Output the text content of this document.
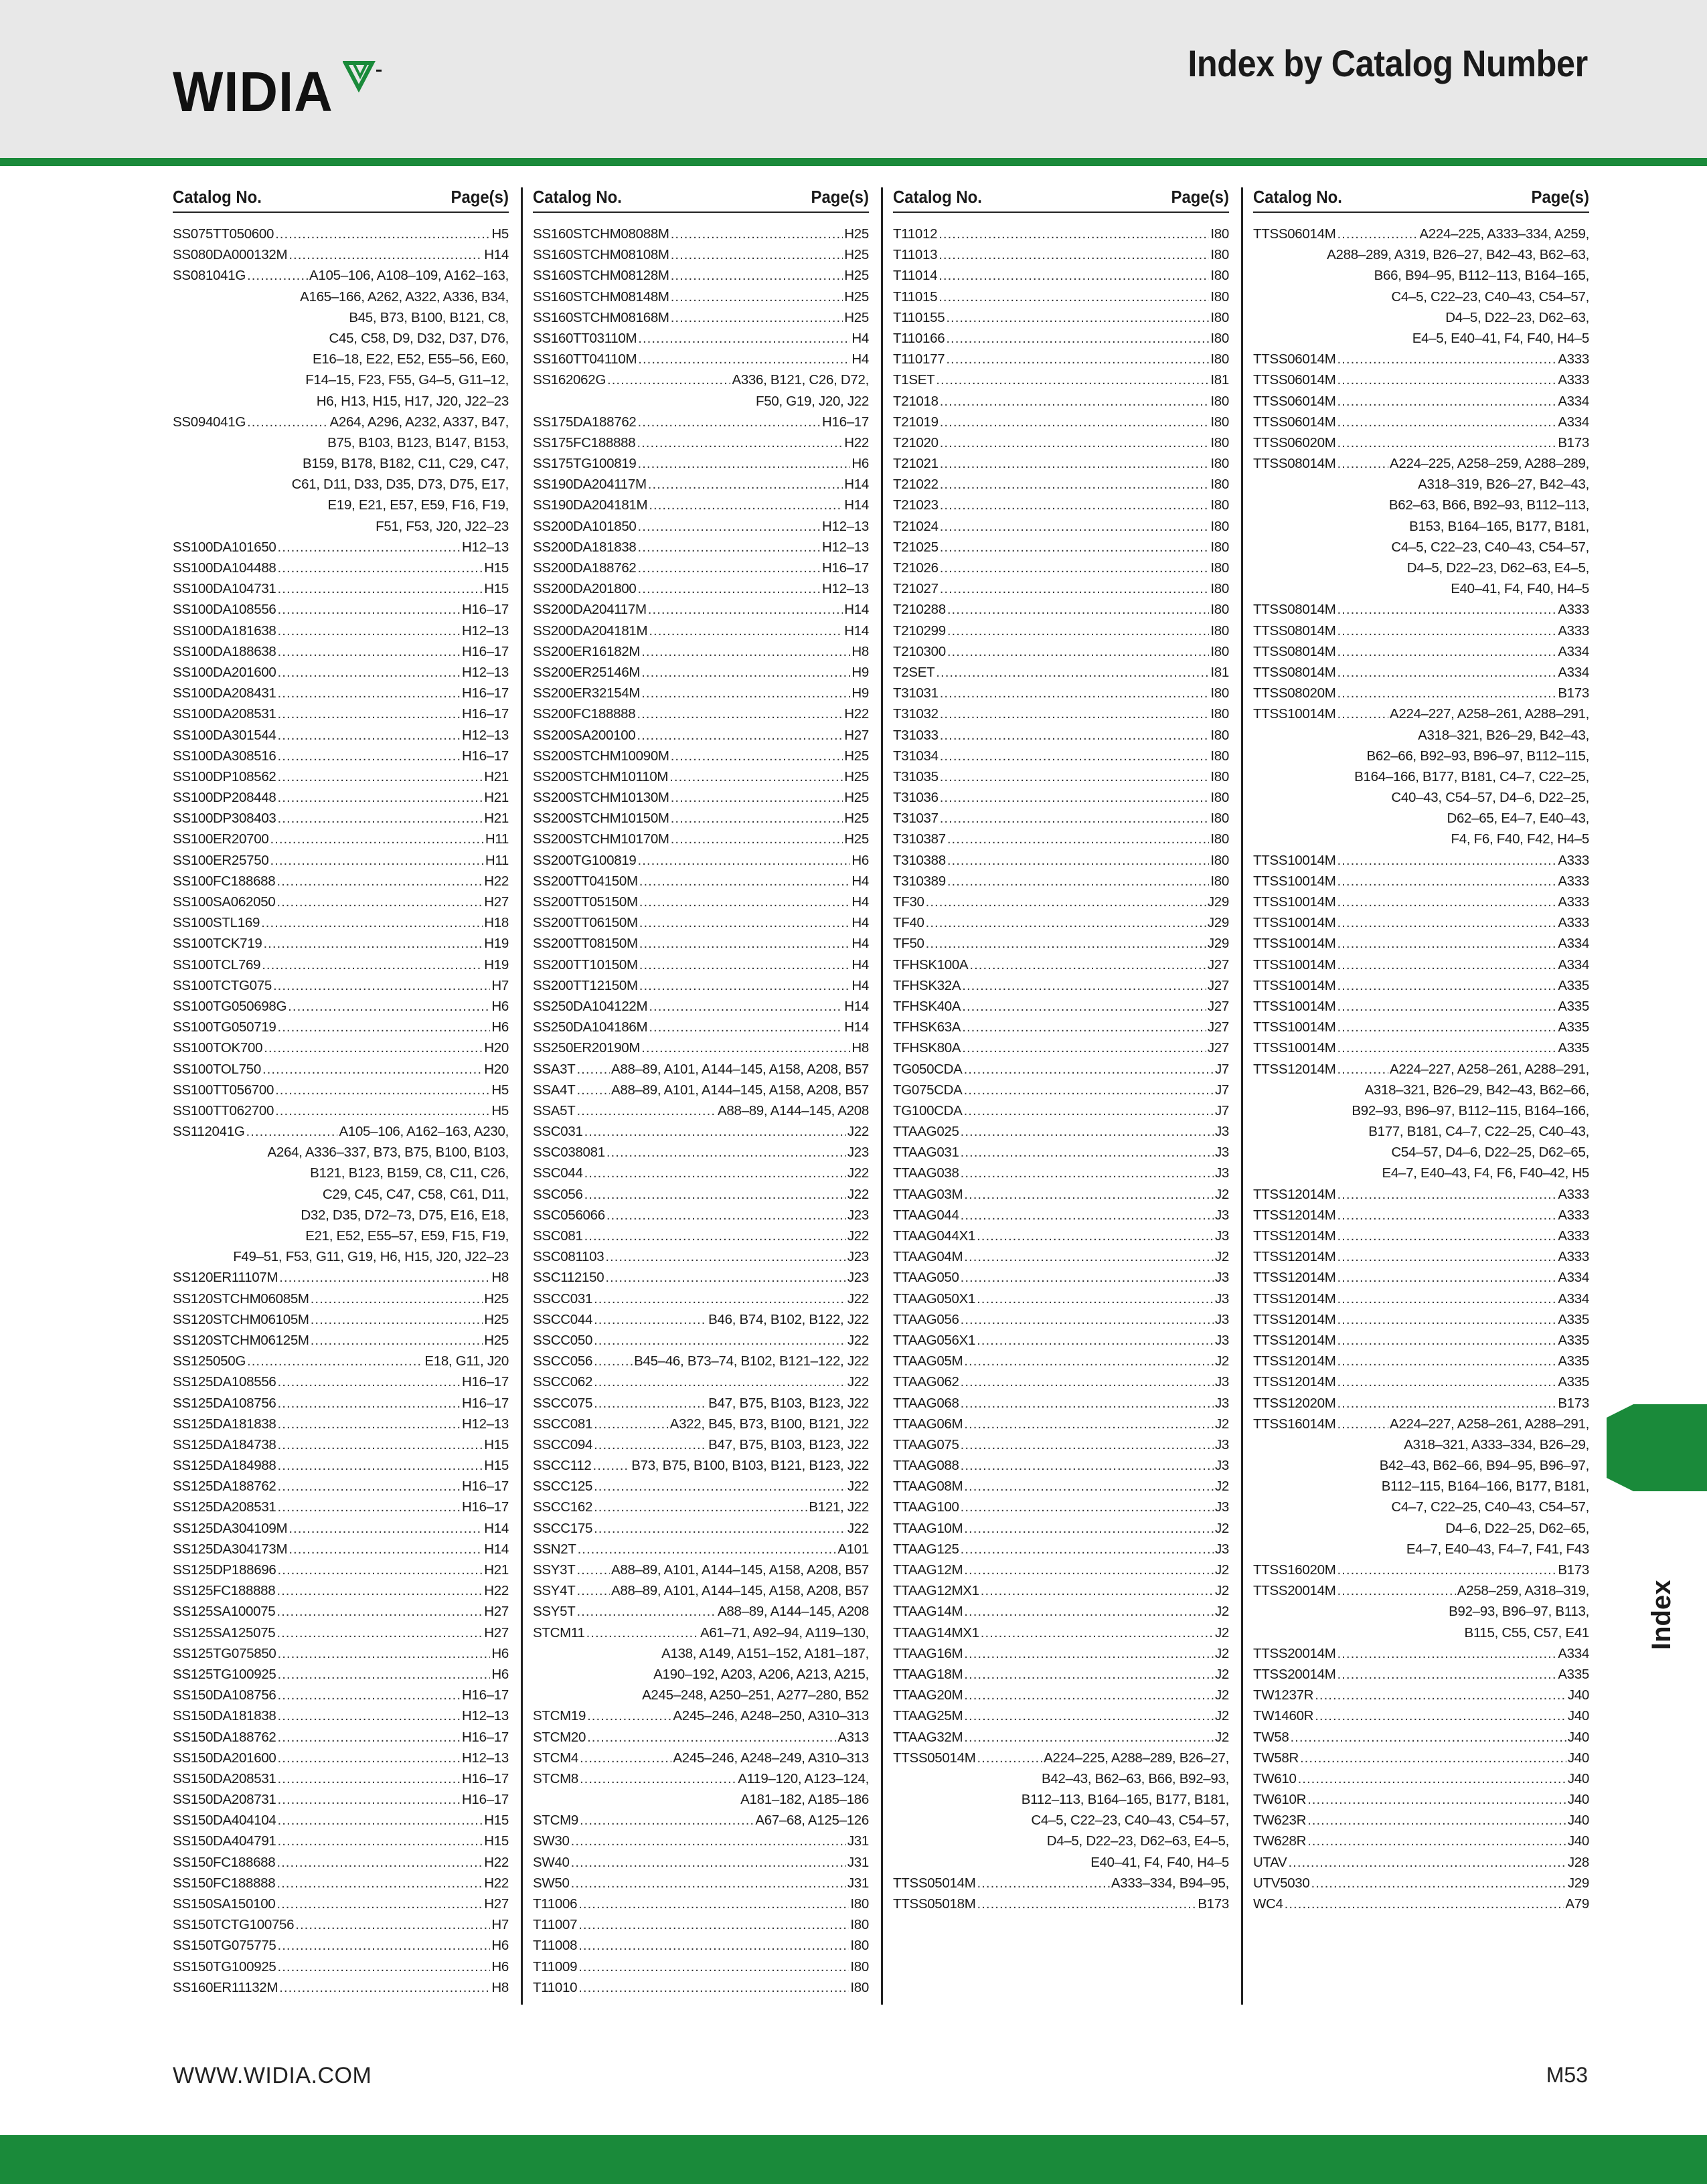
WIDIA	Index by Catalog Number
Catalog No.	Page(s)
SS075TT050600 .....	H5
SS080DA000132M .....	H14
SS081041G .....	A105–106, A108–109, A162–163,
A165–166, A262, A322, A336, B34,
B45, B73, B100, B121, C8,
C45, C58, D9, D32, D37, D76,
E16–18, E22, E52, E55–56, E60,
F14–15, F23, F55, G4–5, G11–12,
H6, H13, H15, H17, J20, J22–23
SS094041G .....	A264, A296, A232, A337, B47,
B75, B103, B123, B147, B153,
B159, B178, B182, C11, C29, C47,
C61, D11, D33, D35, D73, D75, E17,
E19, E21, E57, E59, F16, F19,
F51, F53, J20, J22–23
SS100DA101650 .....	H12–13
SS100DA104488 .....	H15
SS100DA104731 .....	H15
SS100DA108556 .....	H16–17
SS100DA181638 .....	H12–13
SS100DA188638 .....	H16–17
SS100DA201600 .....	H12–13
SS100DA208431 .....	H16–17
SS100DA208531 .....	H16–17
SS100DA301544 .....	H12–13
SS100DA308516 .....	H16–17
SS100DP108562 .....	H21
SS100DP208448 .....	H21
SS100DP308403 .....	H21
SS100ER20700 .....	H11
SS100ER25750 .....	H11
SS100FC188688 .....	H22
SS100SA062050 .....	H27
SS100STL169 .....	H18
SS100TCK719 .....	H19
SS100TCL769 .....	H19
SS100TCTG075 .....	H7
SS100TG050698G .....	H6
SS100TG050719 .....	H6
SS100TOK700 .....	H20
SS100TOL750 .....	H20
SS100TT056700 .....	H5
SS100TT062700 .....	H5
SS112041G .....	A105–106, A162–163, A230,
A264, A336–337, B73, B75, B100, B103,
B121, B123, B159, C8, C11, C26,
C29, C45, C47, C58, C61, D11,
D32, D35, D72–73, D75, E16, E18,
E21, E52, E55–57, E59, F15, F19,
F49–51, F53, G11, G19, H6, H15, J20, J22–23
SS120ER11107M .....	H8
SS120STCHM06085M .....	H25
SS120STCHM06105M .....	H25
SS120STCHM06125M .....	H25
SS125050G .....	E18, G11, J20
SS125DA108556 .....	H16–17
SS125DA108756 .....	H16–17
SS125DA181838 .....	H12–13
SS125DA184738 .....	H15
SS125DA184988 .....	H15
SS125DA188762 .....	H16–17
SS125DA208531 .....	H16–17
SS125DA304109M .....	H14
SS125DA304173M .....	H14
SS125DP188696 .....	H21
SS125FC188888 .....	H22
SS125SA100075 .....	H27
SS125SA125075 .....	H27
SS125TG075850 .....	H6
SS125TG100925 .....	H6
SS150DA108756 .....	H16–17
SS150DA181838 .....	H12–13
SS150DA188762 .....	H16–17
SS150DA201600 .....	H12–13
SS150DA208531 .....	H16–17
SS150DA208731 .....	H16–17
SS150DA404104 .....	H15
SS150DA404791 .....	H15
SS150FC188688 .....	H22
SS150FC188888 .....	H22
SS150SA150100 .....	H27
SS150TCTG100756 .....	H7
SS150TG075775 .....	H6
SS150TG100925 .....	H6
SS160ER11132M .....	H8
Catalog No.	Page(s)
SS160STCHM08088M .....	H25
SS160STCHM08108M .....	H25
SS160STCHM08128M .....	H25
SS160STCHM08148M .....	H25
SS160STCHM08168M .....	H25
SS160TT03110M .....	H4
SS160TT04110M .....	H4
SS162062G .....	A336, B121, C26, D72,
F50, G19, J20, J22
SS175DA188762 .....	H16–17
SS175FC188888 .....	H22
SS175TG100819 .....	H6
SS190DA204117M .....	H14
SS190DA204181M .....	H14
SS200DA101850 .....	H12–13
SS200DA181838 .....	H12–13
SS200DA188762 .....	H16–17
SS200DA201800 .....	H12–13
SS200DA204117M .....	H14
SS200DA204181M .....	H14
SS200ER16182M .....	H8
SS200ER25146M .....	H9
SS200ER32154M .....	H9
SS200FC188888 .....	H22
SS200SA200100 .....	H27
SS200STCHM10090M .....	H25
SS200STCHM10110M .....	H25
SS200STCHM10130M .....	H25
SS200STCHM10150M .....	H25
SS200STCHM10170M .....	H25
SS200TG100819 .....	H6
SS200TT04150M .....	H4
SS200TT05150M .....	H4
SS200TT06150M .....	H4
SS200TT08150M .....	H4
SS200TT10150M .....	H4
SS200TT12150M .....	H4
SS250DA104122M .....	H14
SS250DA104186M .....	H14
SS250ER20190M .....	H8
SSA3T .....	A88–89, A101, A144–145, A158, A208, B57
SSA4T .....	A88–89, A101, A144–145, A158, A208, B57
SSA5T .....	A88–89, A144–145, A208
SSC031 .....	J22
SSC038081 .....	J23
SSC044 .....	J22
SSC056 .....	J22
SSC056066 .....	J23
SSC081 .....	J22
SSC081103 .....	J23
SSC112150 .....	J23
SSCC031 .....	J22
SSCC044 .....	B46, B74, B102, B122, J22
SSCC050 .....	J22
SSCC056 .....	B45–46, B73–74, B102, B121–122, J22
SSCC062 .....	J22
SSCC075 .....	B47, B75, B103, B123, J22
SSCC081 .....	A322, B45, B73, B100, B121, J22
SSCC094 .....	B47, B75, B103, B123, J22
SSCC112 .....	B73, B75, B100, B103, B121, B123, J22
SSCC125 .....	J22
SSCC162 .....	B121, J22
SSCC175 .....	J22
SSN2T .....	A101
SSY3T .....	A88–89, A101, A144–145, A158, A208, B57
SSY4T .....	A88–89, A101, A144–145, A158, A208, B57
SSY5T .....	A88–89, A144–145, A208
STCM11 .....	A61–71, A92–94, A119–130,
A138, A149, A151–152, A181–187,
A190–192, A203, A206, A213, A215,
A245–248, A250–251, A277–280, B52
STCM19 .....	A245–246, A248–250, A310–313
STCM20 .....	A313
STCM4 .....	A245–246, A248–249, A310–313
STCM8 .....	A119–120, A123–124,
A181–182, A185–186
STCM9 .....	A67–68, A125–126
SW30 .....	J31
SW40 .....	J31
SW50 .....	J31
T11006 .....	I80
T11007 .....	I80
T11008 .....	I80
T11009 .....	I80
T11010 .....	I80
Catalog No.	Page(s)
T11012 .....	I80
T11013 .....	I80
T11014 .....	I80
T11015 .....	I80
T110155 .....	I80
T110166 .....	I80
T110177 .....	I80
T1SET .....	I81
T21018 .....	I80
T21019 .....	I80
T21020 .....	I80
T21021 .....	I80
T21022 .....	I80
T21023 .....	I80
T21024 .....	I80
T21025 .....	I80
T21026 .....	I80
T21027 .....	I80
T210288 .....	I80
T210299 .....	I80
T210300 .....	I80
T2SET .....	I81
T31031 .....	I80
T31032 .....	I80
T31033 .....	I80
T31034 .....	I80
T31035 .....	I80
T31036 .....	I80
T31037 .....	I80
T310387 .....	I80
T310388 .....	I80
T310389 .....	I80
TF30 .....	J29
TF40 .....	J29
TF50 .....	J29
TFHSK100A .....	J27
TFHSK32A .....	J27
TFHSK40A .....	J27
TFHSK63A .....	J27
TFHSK80A .....	J27
TG050CDA .....	J7
TG075CDA .....	J7
TG100CDA .....	J7
TTAAG025 .....	J3
TTAAG031 .....	J3
TTAAG038 .....	J3
TTAAG03M .....	J2
TTAAG044 .....	J3
TTAAG044X1 .....	J3
TTAAG04M .....	J2
TTAAG050 .....	J3
TTAAG050X1 .....	J3
TTAAG056 .....	J3
TTAAG056X1 .....	J3
TTAAG05M .....	J2
TTAAG062 .....	J3
TTAAG068 .....	J3
TTAAG06M .....	J2
TTAAG075 .....	J3
TTAAG088 .....	J3
TTAAG08M .....	J2
TTAAG100 .....	J3
TTAAG10M .....	J2
TTAAG125 .....	J3
TTAAG12M .....	J2
TTAAG12MX1 .....	J2
TTAAG14M .....	J2
TTAAG14MX1 .....	J2
TTAAG16M .....	J2
TTAAG18M .....	J2
TTAAG20M .....	J2
TTAAG25M .....	J2
TTAAG32M .....	J2
TTSS05014M .....	A224–225, A288–289, B26–27,
B42–43, B62–63, B66, B92–93,
B112–113, B164–165, B177, B181,
C4–5, C22–23, C40–43, C54–57,
D4–5, D22–23, D62–63, E4–5,
E40–41, F4, F40, H4–5
TTSS05014M .....	A333–334, B94–95,
TTSS05018M .....	B173
Catalog No.	Page(s)
TTSS06014M .....	A224–225, A333–334, A259,
A288–289, A319, B26–27, B42–43, B62–63,
B66, B94–95, B112–113, B164–165,
C4–5, C22–23, C40–43, C54–57,
D4–5, D22–23, D62–63,
E4–5, E40–41, F4, F40, H4–5
TTSS06014M .....	A333
TTSS06014M .....	A333
TTSS06014M .....	A334
TTSS06014M .....	A334
TTSS06020M .....	B173
TTSS08014M .....	A224–225, A258–259, A288–289,
A318–319, B26–27, B42–43,
B62–63, B66, B92–93, B112–113,
B153, B164–165, B177, B181,
C4–5, C22–23, C40–43, C54–57,
D4–5, D22–23, D62–63, E4–5,
E40–41, F4, F40, H4–5
TTSS08014M .....	A333
TTSS08014M .....	A333
TTSS08014M .....	A334
TTSS08014M .....	A334
TTSS08020M .....	B173
TTSS10014M .....	A224–227, A258–261, A288–291,
A318–321, B26–29, B42–43,
B62–66, B92–93, B96–97, B112–115,
B164–166, B177, B181, C4–7, C22–25,
C40–43, C54–57, D4–6, D22–25,
D62–65, E4–7, E40–43,
F4, F6, F40, F42, H4–5
TTSS10014M .....	A333
TTSS10014M .....	A333
TTSS10014M .....	A333
TTSS10014M .....	A333
TTSS10014M .....	A334
TTSS10014M .....	A334
TTSS10014M .....	A335
TTSS10014M .....	A335
TTSS10014M .....	A335
TTSS10014M .....	A335
TTSS12014M .....	A224–227, A258–261, A288–291,
A318–321, B26–29, B42–43, B62–66,
B92–93, B96–97, B112–115, B164–166,
B177, B181, C4–7, C22–25, C40–43,
C54–57, D4–6, D22–25, D62–65,
E4–7, E40–43, F4, F6, F40–42, H5
TTSS12014M .....	A333
TTSS12014M .....	A333
TTSS12014M .....	A333
TTSS12014M .....	A333
TTSS12014M .....	A334
TTSS12014M .....	A334
TTSS12014M .....	A335
TTSS12014M .....	A335
TTSS12014M .....	A335
TTSS12014M .....	A335
TTSS12020M .....	B173
TTSS16014M .....	A224–227, A258–261, A288–291,
A318–321, A333–334, B26–29,
B42–43, B62–66, B94–95, B96–97,
B112–115, B164–166, B177, B181,
C4–7, C22–25, C40–43, C54–57,
D4–6, D22–25, D62–65,
E4–7, E40–43, F4–7, F41, F43
TTSS16020M .....	B173
TTSS20014M .....	A258–259, A318–319,
B92–93, B96–97, B113,
B115, C55, C57, E41
TTSS20014M .....	A334
TTSS20014M .....	A335
TW1237R .....	J40
TW1460R .....	J40
TW58 .....	J40
TW58R .....	J40
TW610 .....	J40
TW610R .....	J40
TW623R .....	J40
TW628R .....	J40
UTAV .....	J28
UTV5030 .....	J29
WC4 .....	A79
Index
WWW.WIDIA.COM	M53
